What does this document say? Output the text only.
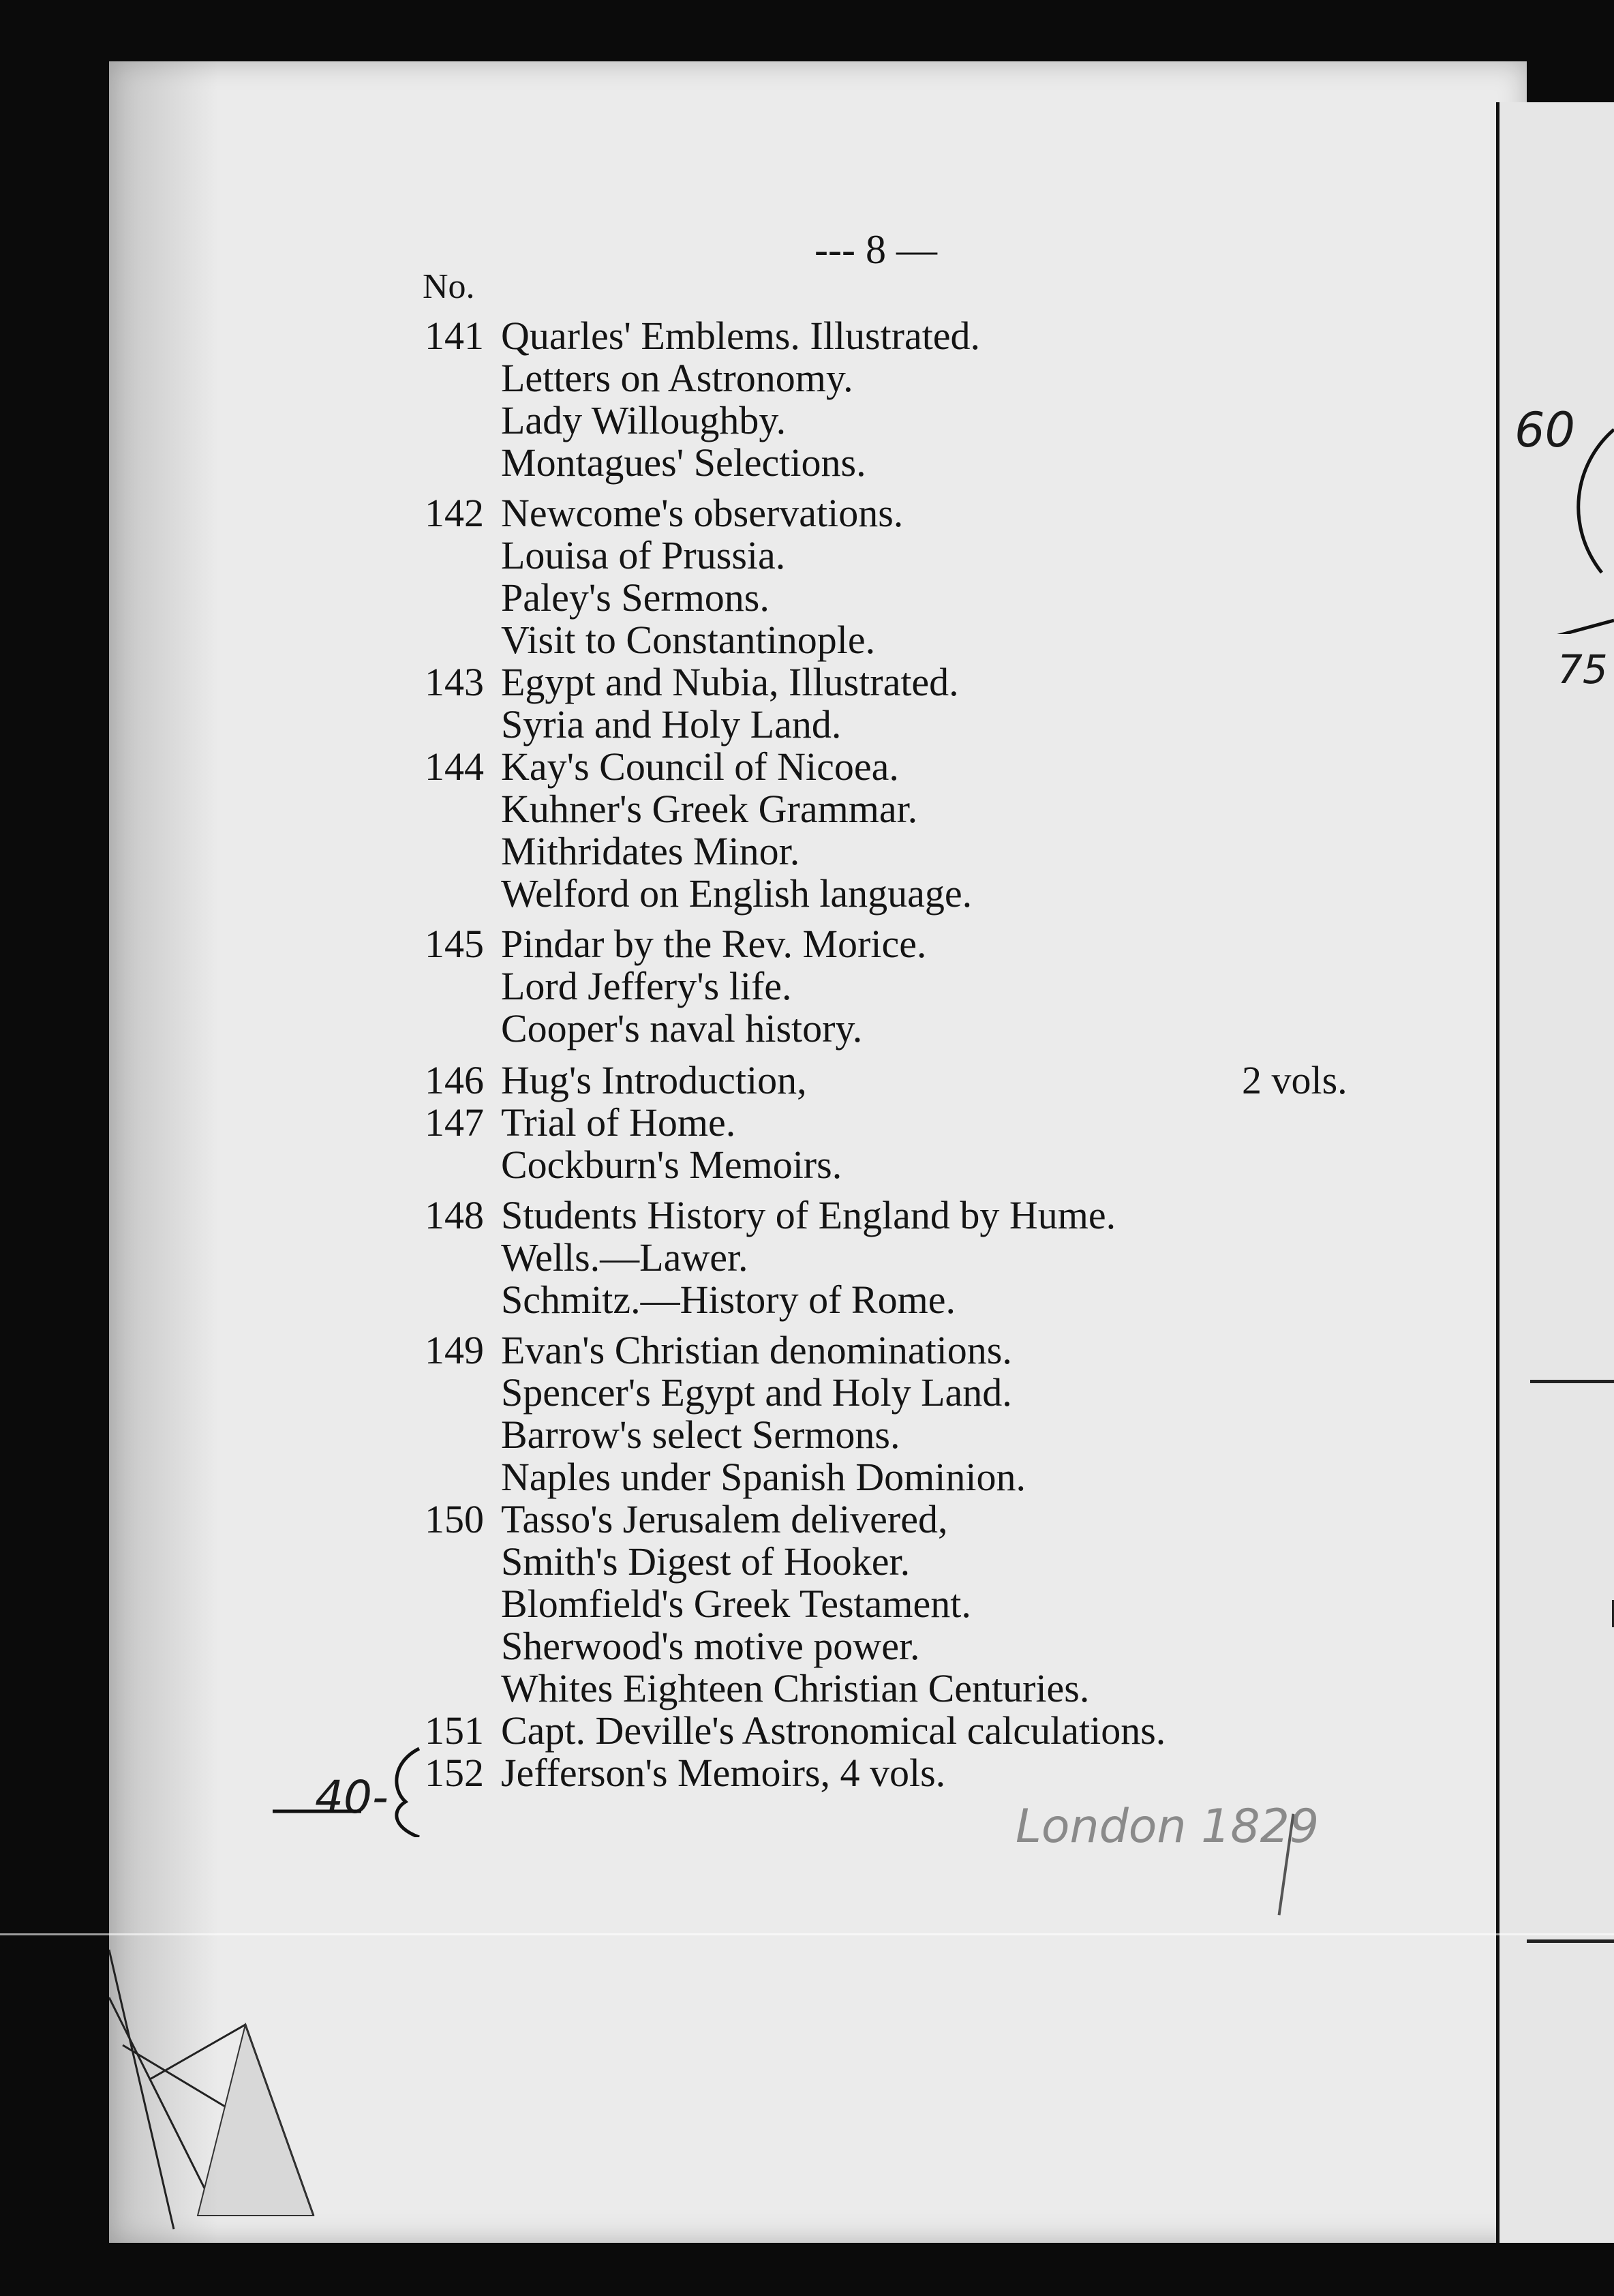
60
75
--- 8 —
No.
141 Quarles' Emblems. Illustrated.
Letters on Astronomy.
Lady Willoughby.
Montagues' Selections.
142 Newcome's observations.
Louisa of Prussia.
Paley's Sermons.
Visit to Constantinople.
143 Egypt and Nubia, Illustrated.
Syria and Holy Land.
144 Kay's Council of Nicoea.
Kuhner's Greek Grammar.
Mithridates Minor.
Welford on English language.
145 Pindar by the Rev. Morice.
Lord Jeffery's life.
Cooper's naval history.
146 Hug's Introduction,	2 vols.
147 Trial of Home.
Cockburn's Memoirs.
148 Students History of England by Hume.
Wells.—Lawer.
Schmitz.—History of Rome.
149 Evan's Christian denominations.
Spencer's Egypt and Holy Land.
Barrow's select Sermons.
Naples under Spanish Dominion.
150 Tasso's Jerusalem delivered,
Smith's Digest of Hooker.
Blomfield's Greek Testament.
Sherwood's motive power.
Whites Eighteen Christian Centuries.
151 Capt. Deville's Astronomical calculations.
152 Jefferson's Memoirs, 4 vols.
40-
London 1829
